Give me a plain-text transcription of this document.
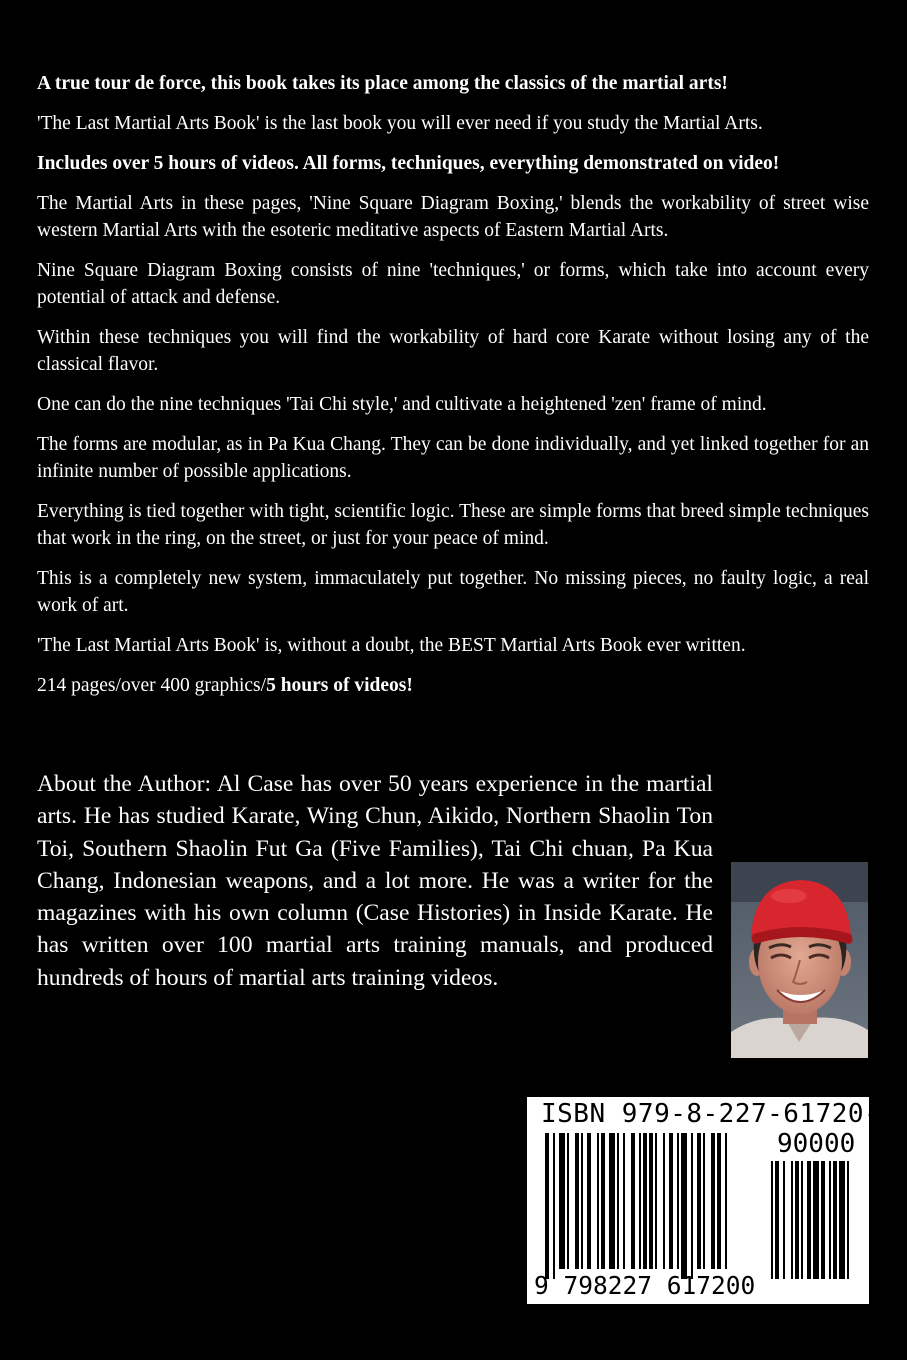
A true tour de force, this book takes its place among the classics of the martial arts!

'The Last Martial Arts Book' is the last book you will ever need if you study the Martial Arts.

Includes over 5 hours of videos. All forms, techniques, everything demonstrated on video!

The Martial Arts in these pages, 'Nine Square Diagram Boxing,' blends the workability of street wise western Martial Arts with the esoteric meditative aspects of Eastern Martial Arts.

Nine Square Diagram Boxing consists of nine 'techniques,' or forms, which take into account every potential of attack and defense.

Within these techniques you will find the workability of hard core Karate without losing any of the classical flavor.

One can do the nine techniques 'Tai Chi style,' and cultivate a heightened 'zen' frame of mind.

The forms are modular, as in Pa Kua Chang. They can be done individually, and yet linked together for an infinite number of possible applications.

Everything is tied together with tight, scientific logic. These are simple forms that breed simple techniques that work in the ring, on the street, or just for your peace of mind.

This is a completely new system, immaculately put together. No missing pieces, no faulty logic, a real work of art.

'The Last Martial Arts Book' is, without a doubt, the BEST Martial Arts Book ever written.

214 pages/over 400 graphics/5 hours of videos!

About the Author: Al Case has over 50 years experience in the martial arts. He has studied Karate, Wing Chun, Aikido, Northern Shaolin Ton Toi, Southern Shaolin Fut Ga (Five Families), Tai Chi chuan, Pa Kua Chang, Indonesian weapons, and a lot more. He was a writer for the magazines with his own column (Case Histories) in Inside Karate. He has written over 100 martial arts training manuals, and produced hundreds of hours of martial arts training videos.
ISBN 979-8-227-61720-0
90000
9 798227 617200
